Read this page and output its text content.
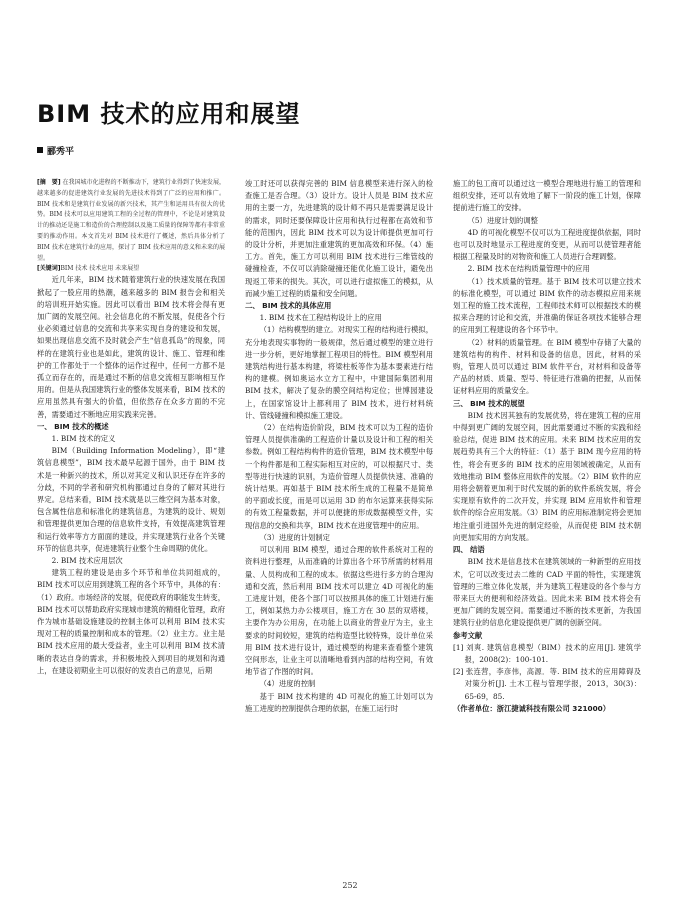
BIM 技术的应用和展望
郦秀平

[摘　要] 在我国城市化进程的不断推动下，建筑行业得到了快速发展，越来越多的促进建筑行业发展的先进技术得到了广泛的应用和推广。BIM 技术和是建筑行业发展的新兴技术，其产生和运用具有很大的优势。BIM 技术可以应用建筑工程的全过程的管理中，不论是对建筑设计的推动还是施工和造价的合理控制以及施工质量的保障等都有非常重要的推动作用。本文首先对 BIM 技术进行了概述，然后具体分析了 BIM 技术在建筑行业的应用，探讨了 BIM 技术应用的意义和未来的展望。

[关键词]BIM 技术 技术应用 未来展望

近几年来，BIM 技术随着建筑行业的快速发展在我国掀起了一股应用的热潮，越来越多的 BIM 报告会和相关的培训班开始实施。因此可以看出 BIM 技术将会得有更加广阔的发展空间。社会信息化的不断发展，促使各个行业必须通过信息的交流和共享来实现自身的建设和发展，如果出现信息交流不及时就会产生“信息孤岛”的现象，同样的在建筑行业也是如此，建筑的设计、施工、管理和维护的工作都处于一个整体的运作过程中，任何一方都不是孤立而存在的，而是通过不断的信息交流相互影响相互作用的。但是从我国建筑行业的整体发展来看，BIM 技术的应用虽然具有强大的价值，但依然存在众多方面的不完善，需要通过不断地应用实践来完善。

一、 BIM 技术的概述

1. BIM 技术的定义

BIM（Building Information Modeling），即“建筑信息模型”，BIM 技术最早起源于国外，由于 BIM 技术是一种新兴的技术，所以对其定义和认识还存在许多的分歧，不同的学者和研究机构都通过自身的了解对其进行界定。总结来看，BIM 技术就是以三维空间为基本对象，包含属性信息和标准化的建筑信息，为建筑的设计、规划和管理提供更加合理的信息软件支持，有效提高建筑管理和运行效率等方方面面的建设，并实现建筑行业各个关键环节的信息共享，促进建筑行业整个生命周期的优化。

2. BIM 技术应用层次

建筑工程的建设是由多个环节和单位共同组成的，BIM 技术可以应用到建筑工程的各个环节中，具体的有：（1）政府。市场经济的发展，促使政府的职能发生转变，BIM 技术可以帮助政府实现城市建筑的精细化管理，政府作为城市基础设施建设的控制主体可以利用 BIM 技术实现对工程的质量控制和成本的管理。（2）业主方。业主是 BIM 技术应用的最大受益者，业主可以利用 BIM 技术清晰的表达自身的需求，并积极地投入到项目的规划和沟通上，在建设初期业主可以很好的发表自己的意见，后期

竣工时还可以获得完善的 BIM 信息模型来进行深入的检查施工是否合理。（3）设计方。设计人员是 BIM 技术应用的主要一方，先进建筑的设计师不再只是需要满足设计的需求，同时还要保障设计应用和执行过程都在高效和节能的范围内，因此 BIM 技术可以为设计师提供更加可行的设计分析，并更加注重建筑的更加高效和环保。（4）施工方。首先，施工方可以利用 BIM 技术进行三维管线的碰撞检查，不仅可以消除碰撞还能优化施工设计，避免出现返工带来的损失。其次，可以进行虚拟施工的模拟，从而减少施工过程的质量和安全问题。

二、 BIM 技术的具体应用

1. BIM 技术在工程结构设计上的应用

（1）结构模型的建立。对现实工程的结构进行模拟，充分地表现实事物的一般规律，然后通过模型的建立进行进一步分析，更好地掌握工程项目的特性。BIM 模型利用建筑结构进行基本构建，将梁柱板等作为基本要素进行结构的建模。例如奥运水立方工程中，中建国际集团利用 BIM 技术，解决了复杂的膜空间结构定位；世博园建设上，在国家馆设计上都利用了 BIM 技术，进行材料统计、管线碰撞和模拟施工建设。

（2）在结构造价阶段，BIM 技术可以为工程的造价管理人员提供准确的工程造价计量以及设计和工程的相关参数。例如工程结构构件的造价管理，BIM 技术模型中每一个构件都是和工程实际相互对应的，可以根据尺寸、类型等进行快速的识别，为造价管理人员提供快速、准确的统计结果。再如基于 BIM 技术所生成的工程量不是简单的平面或长度，而是可以运用 3D 的布尔运算来获得实际的有效工程量数据，并可以便捷的形成数据模型文件，实现信息的交换和共享，BIM 技术在进度管理中的应用。

（3）进度的计划制定

可以利用 BIM 模型，通过合理的软件系统对工程的资料进行整理，从而准确的计算出各个环节所需的材料用量、人员构成和工程的成本。依据这些进行多方的合理沟通和交流，然后利用 BIM 技术可以建立 4D 可视化的施工进度计划，使各个部门可以按照具体的施工计划进行施工，例如某热力办公楼项目，施工方在 30 层的双塔楼，主要作为办公用房，在功能上以商业的营业厅为主，业主要求的时间较短，建筑的结构造型比较特殊，设计单位采用 BIM 技术进行设计，通过模型的构建来查看整个建筑空间形态，让业主可以清晰地看到内部的结构空间，有效地节省了作图的时间。

（4）进度的控制

基于 BIM 技术构建的 4D 可视化的施工计划可以为施工进度的控制提供合理的依据，在施工运行时

施工的包工商可以通过这一模型合理地进行施工的管理和组织安排，还可以有效地了解下一阶段的施工计划，保障提前进行施工的安排。

（5）进度计划的调整

4D 的可视化模型不仅可以为工程进度提供依据，同时也可以及时地显示工程进度的变更，从而可以使管理者能根据工程量及时的对物资和施工人员进行合理调整。

2. BIM 技术在结构质量管理中的应用

（1）技术质量的管理。基于 BIM 技术可以建立技术的标准化模型，可以通过 BIM 软件的动态模拟应用来规划工程的施工技术流程，工程师技术师可以根据技术的模拟来合理的讨论和交流，并准确的保证各项技术能够合理的应用到工程建设的各个环节中。

（2）材料的质量管理。在 BIM 模型中存储了大量的建筑结构的构件、材料和设备的信息，因此，材料的采购，管理人员可以通过 BIM 软件平台，对材料和设备等产品的材质、质量、型号、特征进行准确的把握，从而保证材料应用的质量安全。

三、 BIM 技术的展望

BIM 技术因其独有的发展优势，将在建筑工程的应用中得到更广阔的发展空间，因此需要通过不断的实践和经验总结，促进 BIM 技术的应用。未来 BIM 技术应用的发展趋势具有三个大的特征：（1）基于 BIM 现今应用的特性，将会有更多的 BIM 技术的应用领域被确定，从而有效地推动 BIM 整体应用软件的发展。（2）BIM 软件的应用将会朝着更加利于时代发展的新的软件系统发展，将会实现原有软件的二次开发，并实现 BIM 应用软件和管理软件的综合应用发展。（3）BIM 的应用标准制定将会更加地注重引进国外先进的制定经验，从而促使 BIM 技术朝向更加实用的方向发展。

四、 结语

BIM 技术是信息技术在建筑领域的一种新型的应用技术，它可以改变过去二维的 CAD 平面的特性，实现建筑管理的三维立体化发展，并为建筑工程建设的各个参与方带来巨大的便利和经济效益。因此未来 BIM 技术将会有更加广阔的发展空间。需要通过不断的技术更新，为我国建筑行业的信息化建设提供更广阔的创新空间。

参考文献

[1] 刘爽. 建筑信息模型（BIM）技术的应用[J]. 建筑学报，2008(2)：100-101.

[2] 张连营，李彦伟，高源．等. BIM 技术的应用障碍及对策分析[J]. 土木工程与管理学报，2013，30(3)：65-69，85.

（作者单位：浙江捷诚科技有限公司 321000）

252
